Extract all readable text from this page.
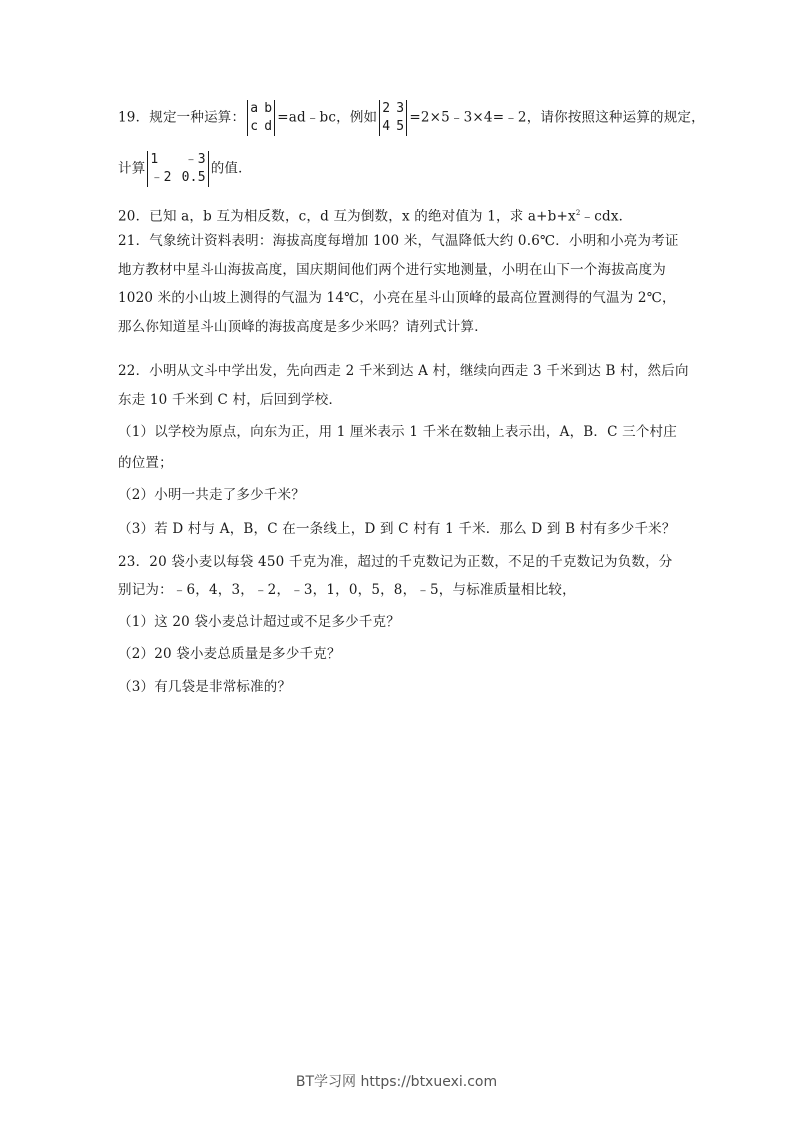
19．规定一种运算：
a b
c d
=ad﹣bc，例如
2 3
4 5
=2×5﹣3×4=﹣2，请你按照这种运算的规定，
计算
1 ﹣3
﹣2 0.5
的值．
20．已知 a，b 互为相反数，c，d 互为倒数，x 的绝对值为 1，求 $a+b+x^2﹣cdx$．
21．气象统计资料表明：海拔高度每增加 100 米，气温降低大约 0.6℃．小明和小亮为考证
地方教材中星斗山海拔高度，国庆期间他们两个进行实地测量，小明在山下一个海拔高度为
1020 米的小山坡上测得的气温为 14℃，小亮在星斗山顶峰的最高位置测得的气温为 2℃，
那么你知道星斗山顶峰的海拔高度是多少米吗？请列式计算．
22．小明从文斗中学出发，先向西走 2 千米到达 A 村，继续向西走 3 千米到达 B 村，然后向
东走 10 千米到 C 村，后回到学校．
（1）以学校为原点，向东为正，用 1 厘米表示 1 千米在数轴上表示出，A，B．C 三个村庄
的位置；
（2）小明一共走了多少千米？
（3）若 D 村与 A，B，C 在一条线上，D 到 C 村有 1 千米．那么 D 到 B 村有多少千米？
23．20 袋小麦以每袋 450 千克为准，超过的千克数记为正数，不足的千克数记为负数，分
别记为：﹣6，4，3，﹣2，﹣3，1，0，5，8，﹣5，与标准质量相比较，
（1）这 20 袋小麦总计超过或不足多少千克？
（2）20 袋小麦总质量是多少千克？
（3）有几袋是非常标准的？
BT学习网 https://btxuexi.com
